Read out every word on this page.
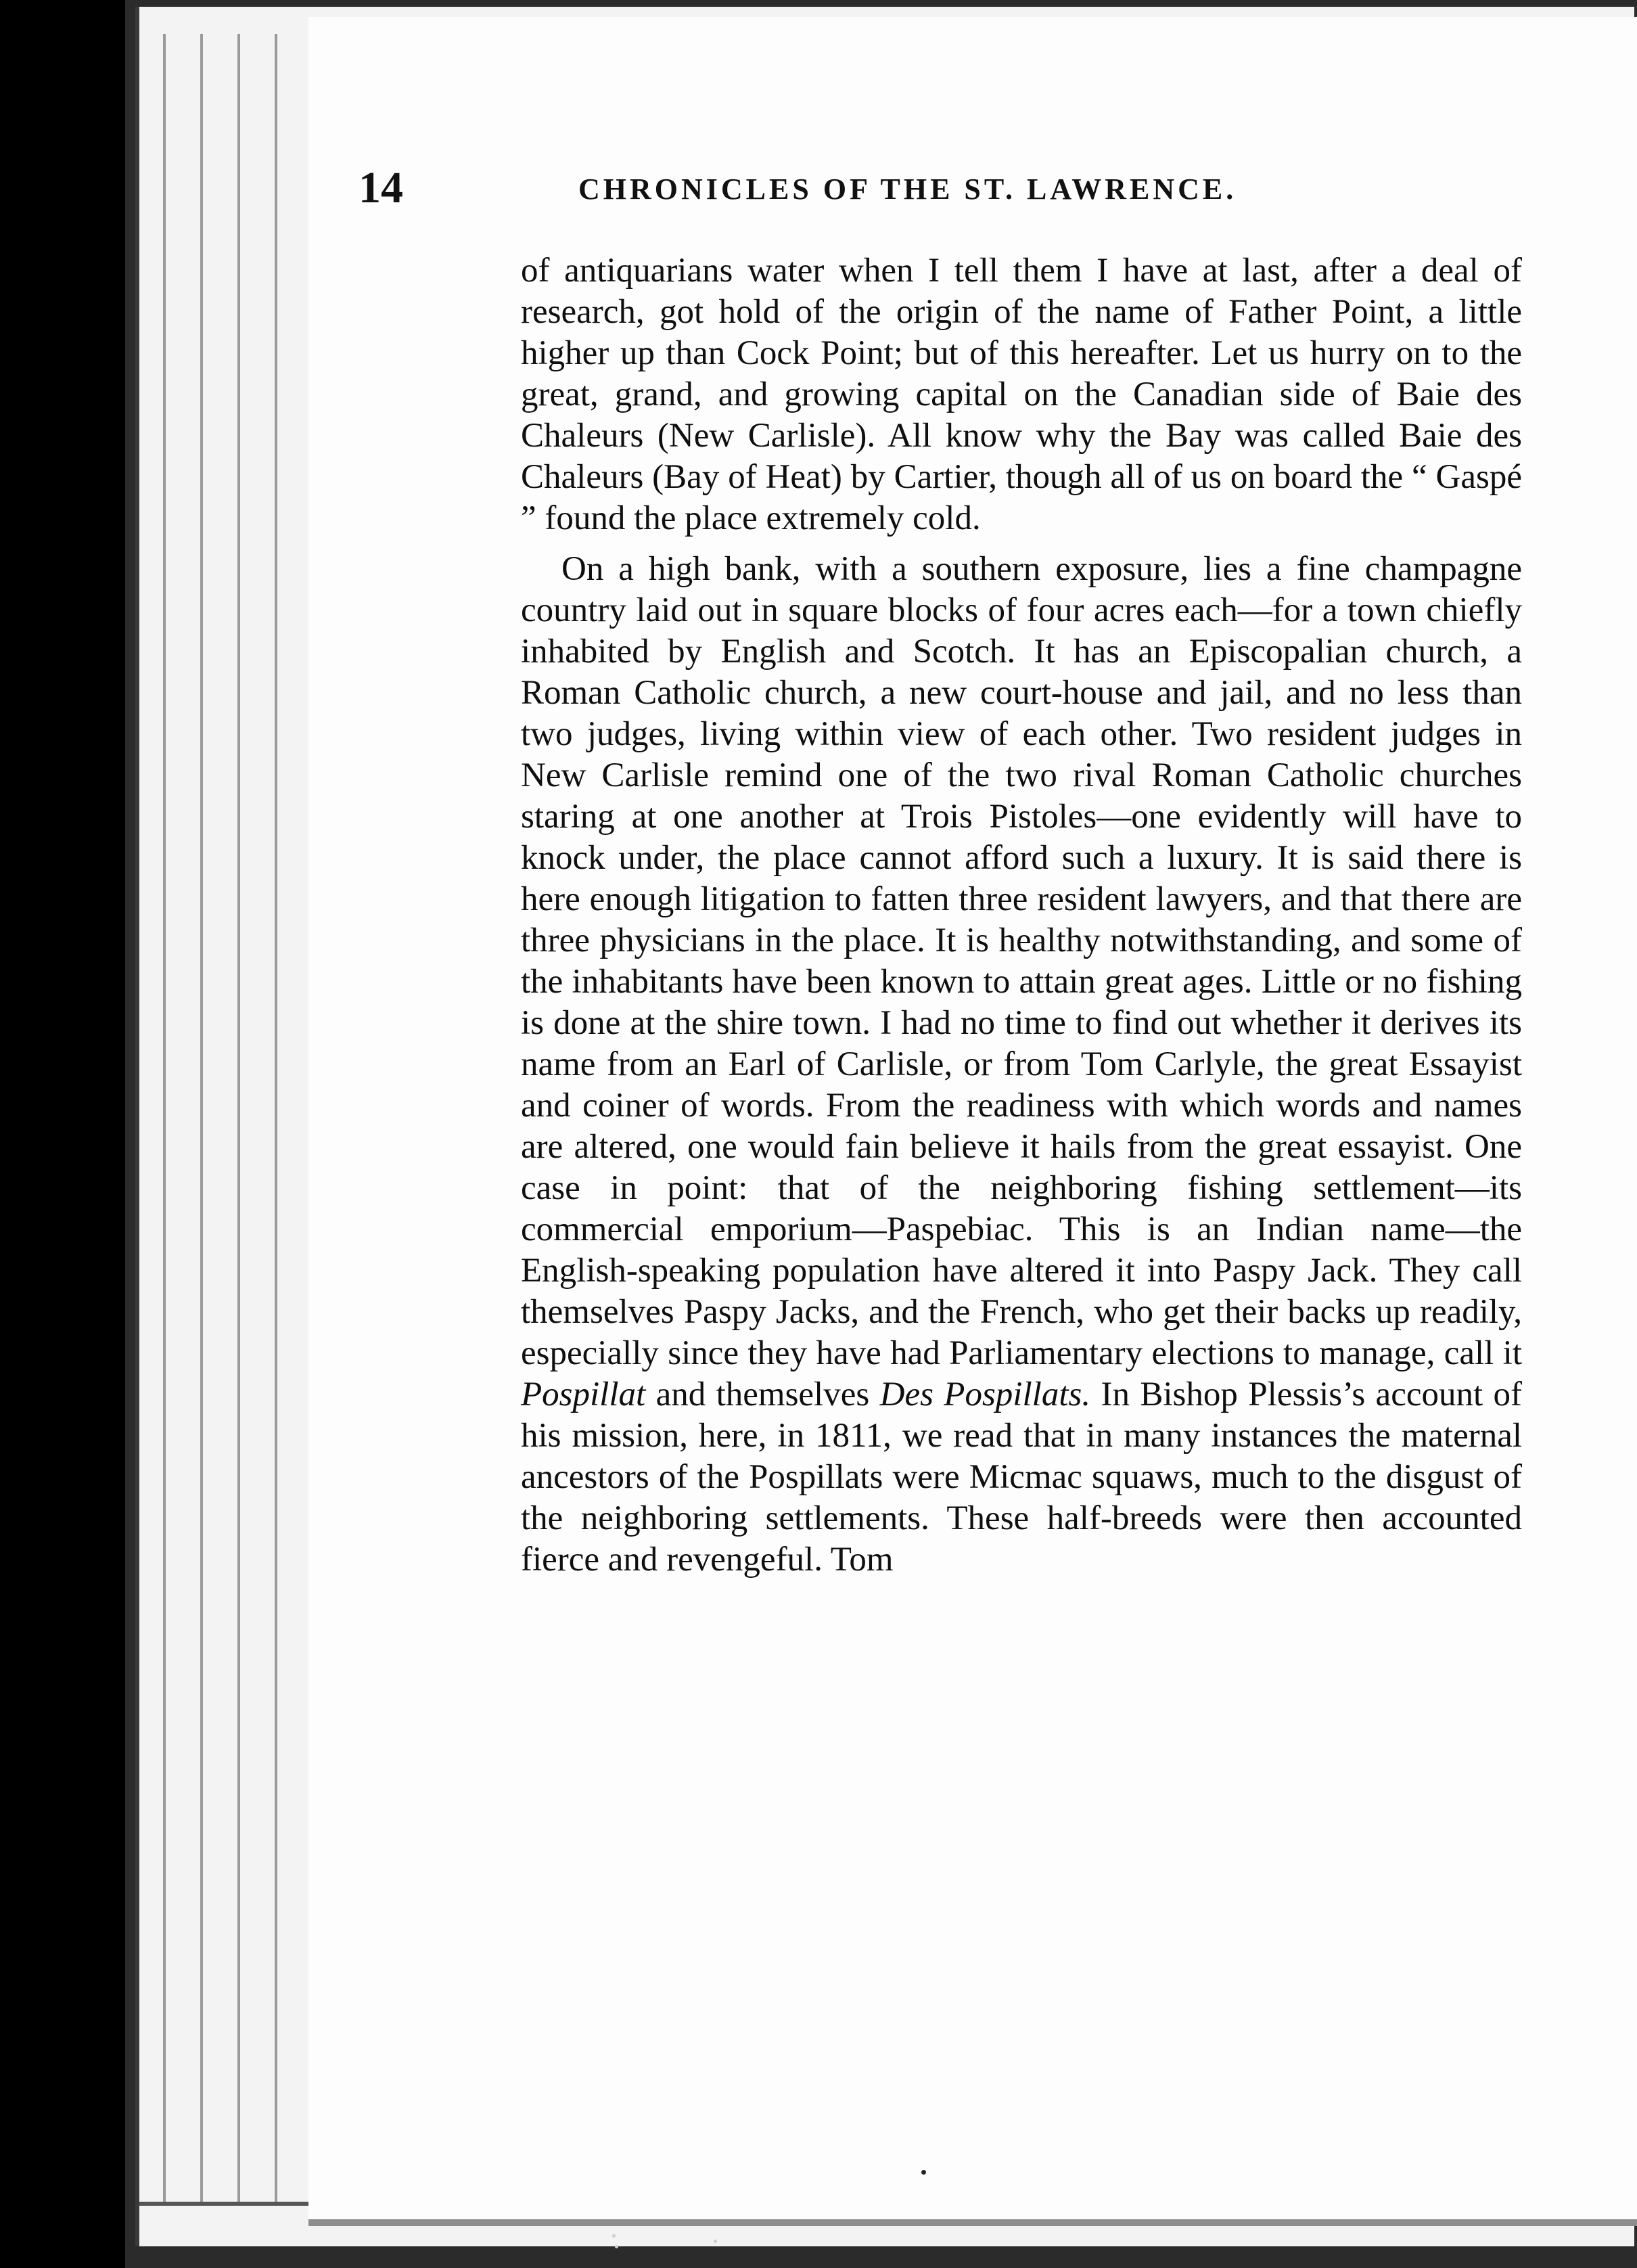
14	CHRONICLES OF THE ST. LAWRENCE.

of antiquarians water when I tell them I have at last, after a deal of research, got hold of the origin of the name of Father Point, a little higher up than Cock Point; but of this hereafter. Let us hurry on to the great, grand, and growing capital on the Canadian side of Baie des Chaleurs (New Carlisle). All know why the Bay was called Baie des Chaleurs (Bay of Heat) by Cartier, though all of us on board the “ Gaspé ” found the place extremely cold.

On a high bank, with a southern exposure, lies a fine champagne country laid out in square blocks of four acres each—for a town chiefly inhabited by English and Scotch. It has an Episcopalian church, a Roman Catholic church, a new court-house and jail, and no less than two judges, living within view of each other. Two resident judges in New Carlisle remind one of the two rival Roman Catholic churches staring at one another at Trois Pistoles—one evidently will have to knock under, the place cannot afford such a luxury. It is said there is here enough litigation to fatten three resident lawyers, and that there are three physicians in the place. It is healthy notwithstanding, and some of the inhabitants have been known to attain great ages. Little or no fishing is done at the shire town. I had no time to find out whether it derives its name from an Earl of Carlisle, or from Tom Carlyle, the great Essayist and coiner of words. From the readiness with which words and names are altered, one would fain believe it hails from the great essayist. One case in point: that of the neighboring fishing settlement—its commercial emporium—Paspebiac. This is an Indian name—the English-speaking population have altered it into Paspy Jack. They call themselves Paspy Jacks, and the French, who get their backs up readily, especially since they have had Parliamentary elections to manage, call it Pospillat and themselves Des Pospillats. In Bishop Plessis’s account of his mission, here, in 1811, we read that in many instances the maternal ancestors of the Pospillats were Micmac squaws, much to the disgust of the neighboring settlements. These half-breeds were then accounted fierce and revengeful. Tom
